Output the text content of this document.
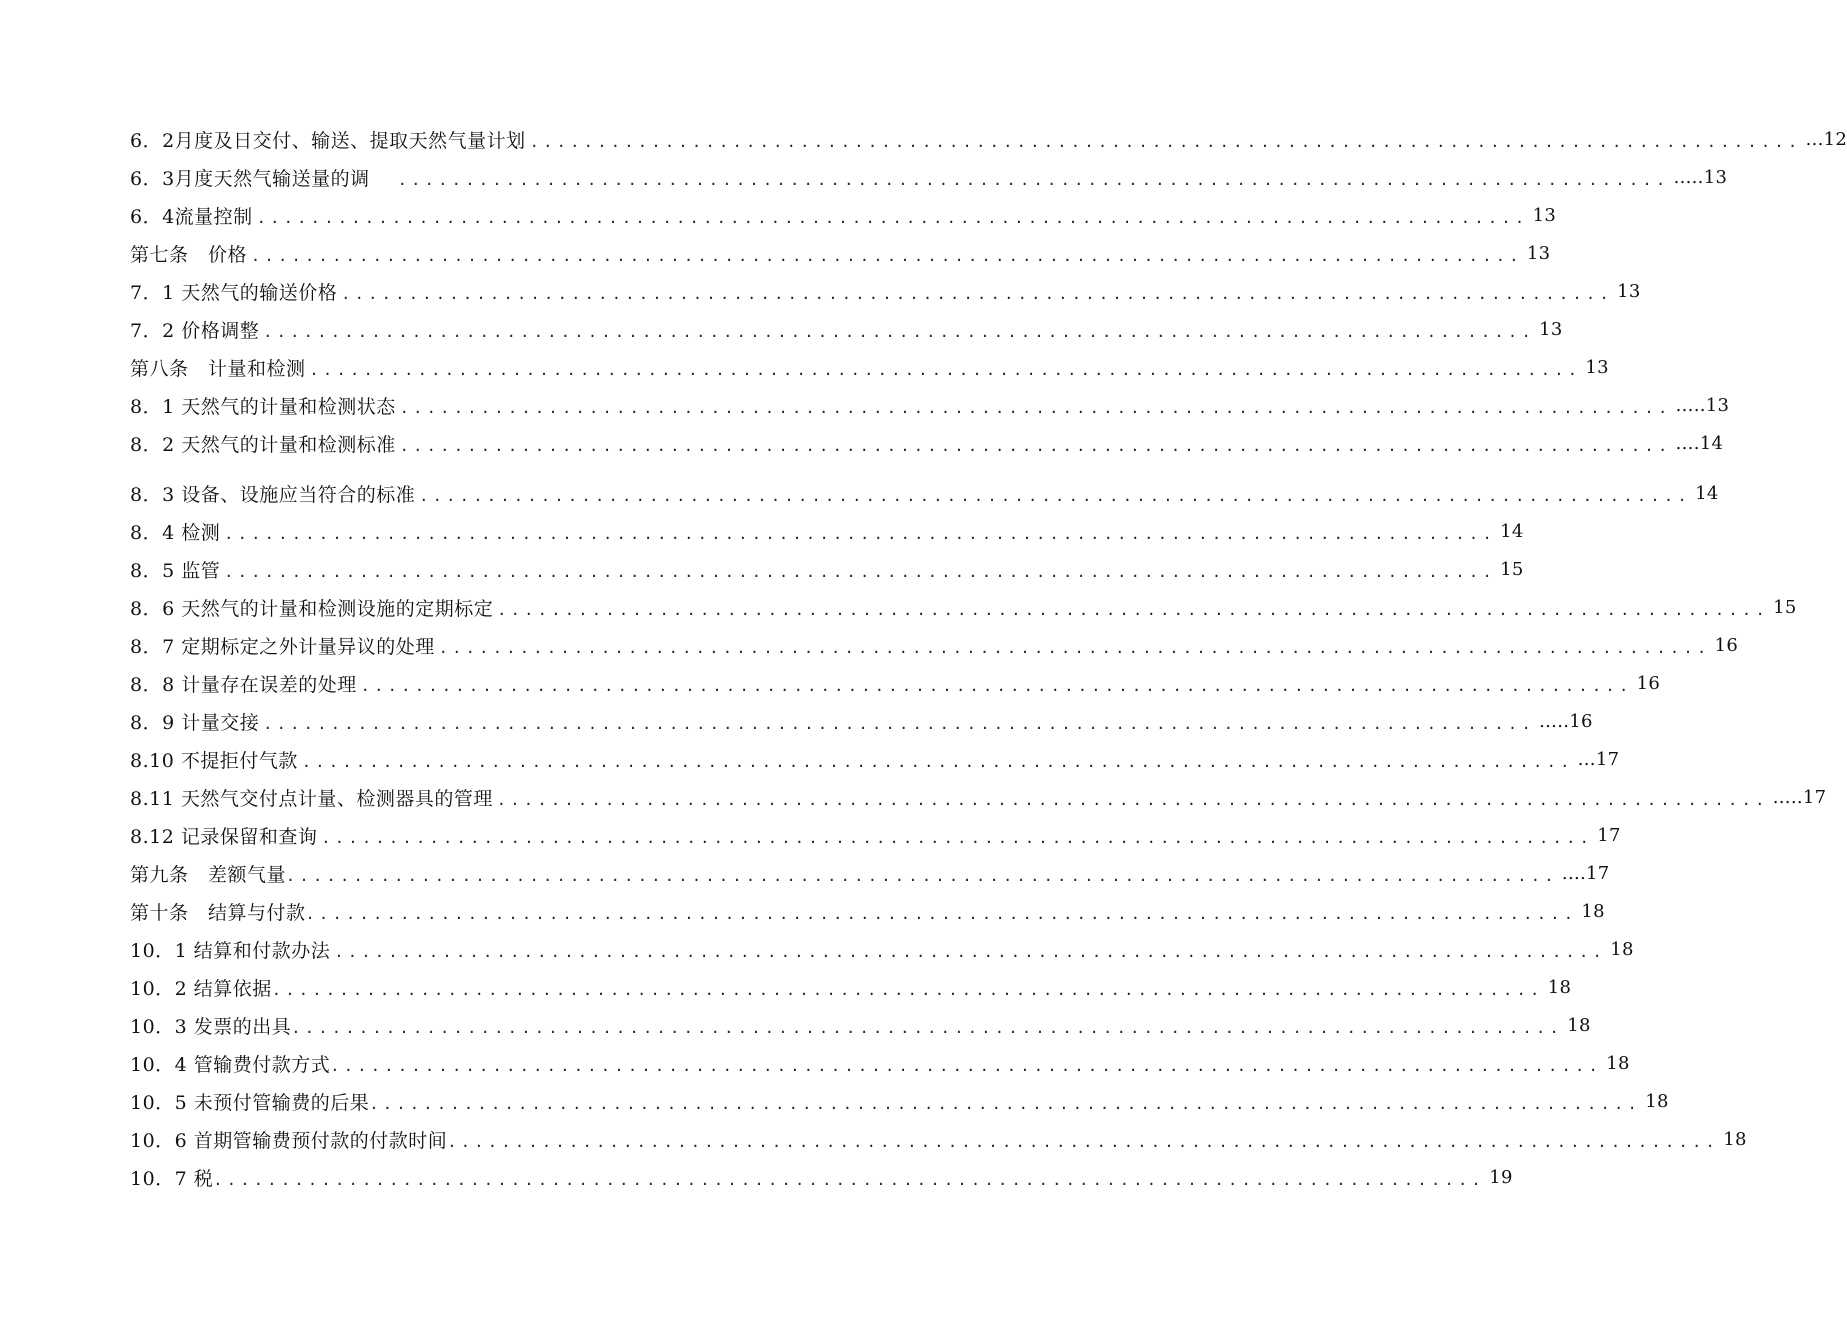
6．2月度及日交付、输送、提取天然气量计划 .............................................................................................. ...12
6．3月度天然气输送量的调 .............................................................................................. .....13
6．4流量控制 .............................................................................................. 13
第七条　价格 .............................................................................................. 13
7．1 天然气的输送价格 .............................................................................................. 13
7．2 价格调整 .............................................................................................. 13
第八条　计量和检测 .............................................................................................. 13
8．1 天然气的计量和检测状态 .............................................................................................. .....13
8．2 天然气的计量和检测标准 .............................................................................................. ....14
8．3 设备、设施应当符合的标准 .............................................................................................. 14
8．4 检测 .............................................................................................. 14
8．5 监管 .............................................................................................. 15
8．6 天然气的计量和检测设施的定期标定 .............................................................................................. 15
8．7 定期标定之外计量异议的处理 .............................................................................................. 16
8．8 计量存在误差的处理 .............................................................................................. 16
8．9 计量交接 .............................................................................................. .....16
8.10 不提拒付气款 .............................................................................................. ...17
8.11 天然气交付点计量、检测器具的管理 .............................................................................................. .....17
8.12 记录保留和查询 .............................................................................................. 17
第九条　差额气量 .............................................................................................. ....17
第十条　结算与付款 .............................................................................................. 18
10．1 结算和付款办法 .............................................................................................. 18
10．2 结算依据 .............................................................................................. 18
10．3 发票的出具 .............................................................................................. 18
10．4 管输费付款方式 .............................................................................................. 18
10．5 未预付管输费的后果 .............................................................................................. 18
10．6 首期管输费预付款的付款时间 .............................................................................................. 18
10．7 税 .............................................................................................. 19
